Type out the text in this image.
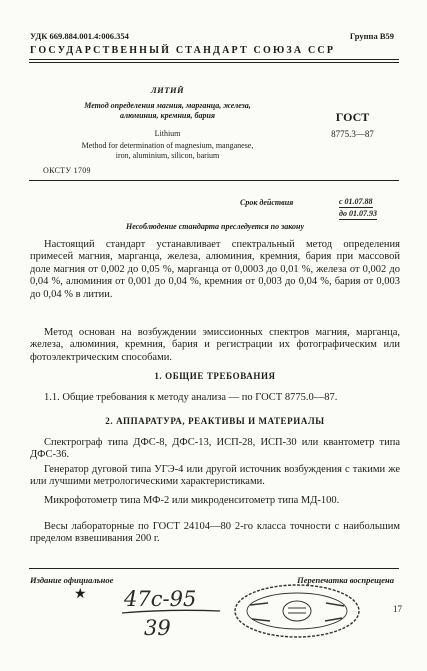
УДК 669.884.001.4:006.354	Группа В59
ГОСУДАРСТВЕННЫЙ СТАНДАРТ СОЮЗА ССР
ЛИТИЙ
Метод определения магния, марганца, железа,
алюминия, кремния, бария
Lithium
Method for determination of magnesium, manganese,
iron, aluminium, silicon, barium
ОКСТУ 1709
ГОСТ
8775.3—87
Срок действия	с 01.07.88
до 01.07.93
Несоблюдение стандарта преследуется по закону
Настоящий стандарт устанавливает спектральный метод определения примесей магния, марганца, железа, алюминия, кремния, бария при массовой доле магния от 0,002 до 0,05 %, марганца от 0,0003 до 0,01 %, железа от 0,002 до 0,04 %, алюминия от 0,001 до 0,04 %, кремния от 0,003 до 0,04 %, бария от 0,003 до 0,04 % в литии.
Метод основан на возбуждении эмиссионных спектров магния, марганца, железа, алюминия, кремния, бария и регистрации их фотографическим или фотоэлектрическим способами.
1. ОБЩИЕ ТРЕБОВАНИЯ
1.1. Общие требования к методу анализа — по ГОСТ 8775.0—87.
2. АППАРАТУРА, РЕАКТИВЫ И МАТЕРИАЛЫ
Спектрограф типа ДФС-8, ДФС-13, ИСП-28, ИСП-30 или квантометр типа ДФС-36.
Генератор дуговой типа УГЭ-4 или другой источник возбуждения с такими же или лучшими метрологическими характеристиками.
Микрофотометр типа МФ-2 или микроденситометр типа МД-100.
Весы лабораторные по ГОСТ 24104—80 2-го класса точности с наибольшим пределом взвешивания 200 г.
Издание официальное	Перепечатка воспрещена
★ 47с-95
39
17
